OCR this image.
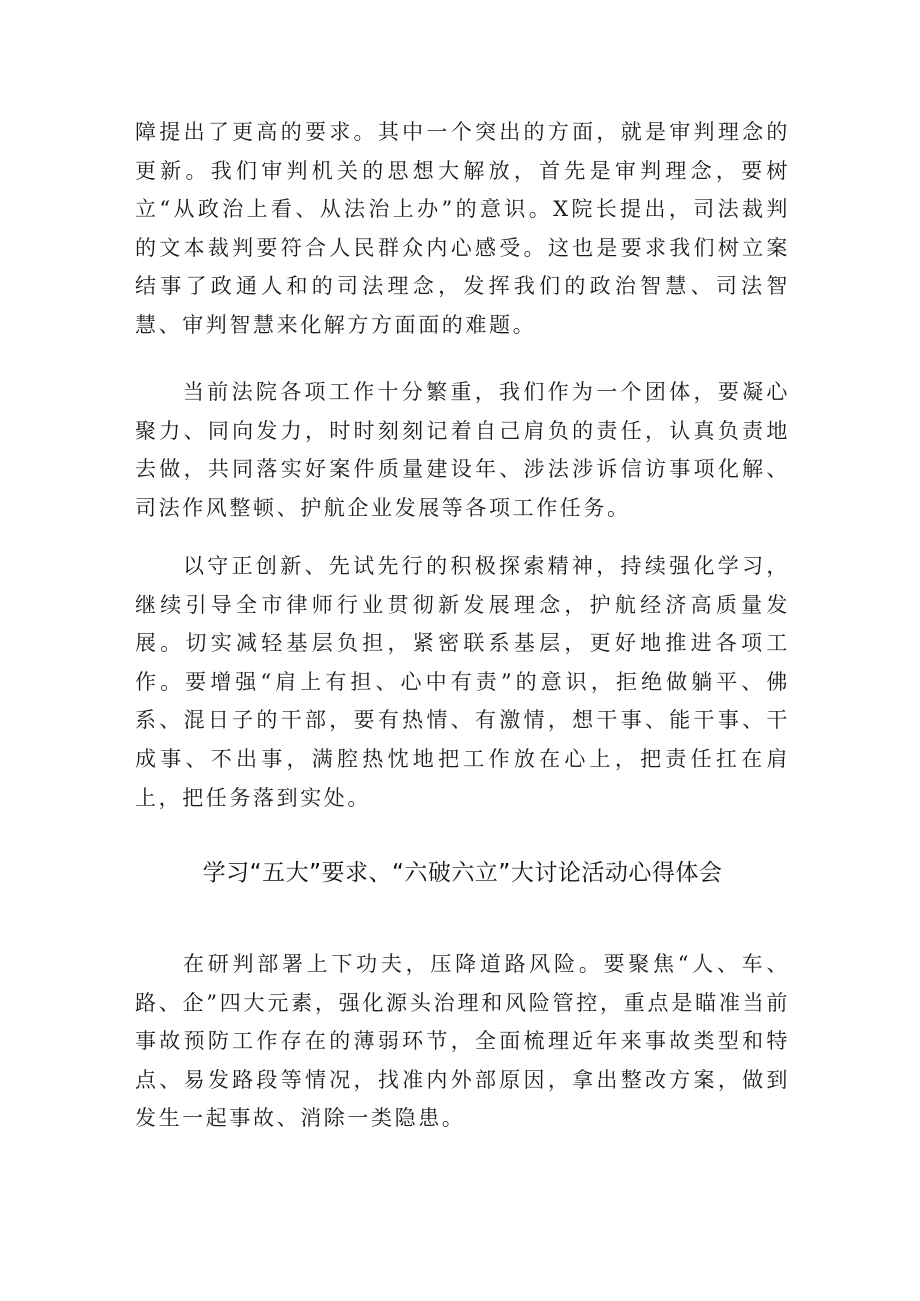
障提出了更高的要求。其中一个突出的方面，就是审判理念的更新。我们审判机关的思想大解放，首先是审判理念，要树立“从政治上看、从法治上办”的意识。X院长提出，司法裁判的文本裁判要符合人民群众内心感受。这也是要求我们树立案结事了政通人和的司法理念，发挥我们的政治智慧、司法智慧、审判智慧来化解方方面面的难题。

当前法院各项工作十分繁重，我们作为一个团体，要凝心聚力、同向发力，时时刻刻记着自己肩负的责任，认真负责地去做，共同落实好案件质量建设年、涉法涉诉信访事项化解、司法作风整顿、护航企业发展等各项工作任务。

以守正创新、先试先行的积极探索精神，持续强化学习，继续引导全市律师行业贯彻新发展理念，护航经济高质量发展。切实减轻基层负担，紧密联系基层，更好地推进各项工作。要增强“肩上有担、心中有责”的意识，拒绝做躺平、佛系、混日子的干部，要有热情、有激情，想干事、能干事、干成事、不出事，满腔热忱地把工作放在心上，把责任扛在肩上，把任务落到实处。

学习“五大”要求、“六破六立”大讨论活动心得体会

在研判部署上下功夫，压降道路风险。要聚焦“人、车、路、企”四大元素，强化源头治理和风险管控，重点是瞄准当前事故预防工作存在的薄弱环节，全面梳理近年来事故类型和特点、易发路段等情况，找准内外部原因，拿出整改方案，做到发生一起事故、消除一类隐患。
